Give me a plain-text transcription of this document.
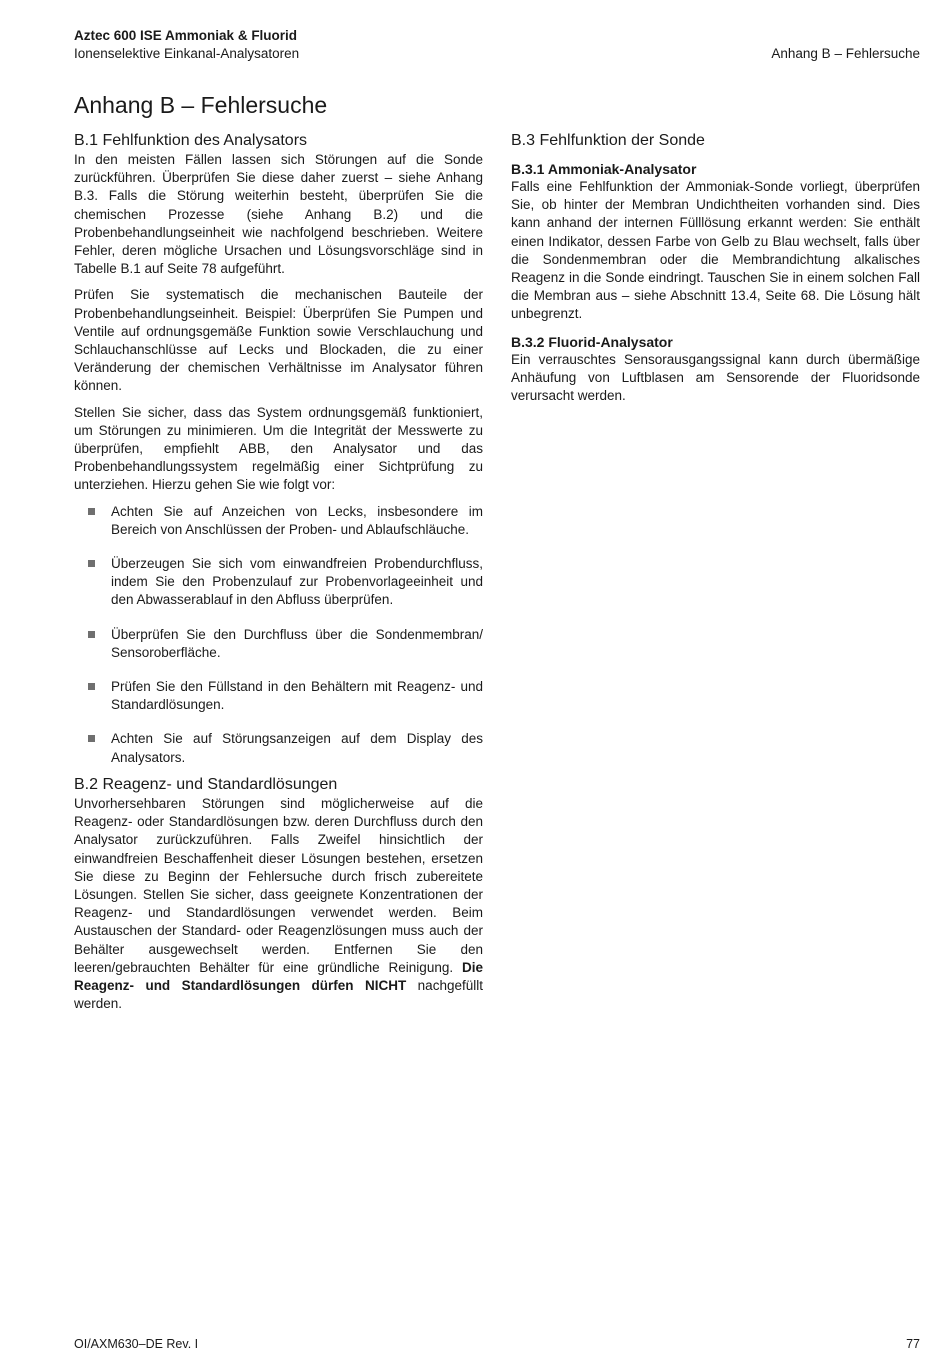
Aztec 600 ISE Ammoniak & Fluorid
Ionenselektive Einkanal-Analysatoren	Anhang B – Fehlersuche
Anhang B – Fehlersuche
B.1 Fehlfunktion des Analysators

In den meisten Fällen lassen sich Störungen auf die Sonde zurückführen. Überprüfen Sie diese daher zuerst – siehe Anhang B.3. Falls die Störung weiterhin besteht, überprüfen Sie die chemischen Prozesse (siehe Anhang B.2) und die Probenbehandlungseinheit wie nachfolgend beschrieben. Weitere Fehler, deren mögliche Ursachen und Lösungsvorschläge sind in Tabelle B.1 auf Seite 78 aufgeführt.

Prüfen Sie systematisch die mechanischen Bauteile der Probenbehandlungseinheit. Beispiel: Überprüfen Sie Pumpen und Ventile auf ordnungsgemäße Funktion sowie Verschlauchung und Schlauchanschlüsse auf Lecks und Blockaden, die zu einer Veränderung der chemischen Verhältnisse im Analysator führen können.

Stellen Sie sicher, dass das System ordnungsgemäß funktioniert, um Störungen zu minimieren. Um die Integrität der Messwerte zu überprüfen, empfiehlt ABB, den Analysator und das Probenbehandlungssystem regelmäßig einer Sichtprüfung zu unterziehen. Hierzu gehen Sie wie folgt vor:

Achten Sie auf Anzeichen von Lecks, insbesondere im Bereich von Anschlüssen der Proben- und Ablaufschläuche.
Überzeugen Sie sich vom einwandfreien Probendurchfluss, indem Sie den Probenzulauf zur Probenvorlageeinheit und den Abwasserablauf in den Abfluss überprüfen.
Überprüfen Sie den Durchfluss über die Sondenmembran/ Sensoroberfläche.
Prüfen Sie den Füllstand in den Behältern mit Reagenz- und Standardlösungen.
Achten Sie auf Störungsanzeigen auf dem Display des Analysators.
B.2 Reagenz- und Standardlösungen

Unvorhersehbaren Störungen sind möglicherweise auf die Reagenz- oder Standardlösungen bzw. deren Durchfluss durch den Analysator zurückzuführen. Falls Zweifel hinsichtlich der einwandfreien Beschaffenheit dieser Lösungen bestehen, ersetzen Sie diese zu Beginn der Fehlersuche durch frisch zubereitete Lösungen. Stellen Sie sicher, dass geeignete Konzentrationen der Reagenz- und Standardlösungen verwendet werden. Beim Austauschen der Standard- oder Reagenzlösungen muss auch der Behälter ausgewechselt werden. Entfernen Sie den leeren/gebrauchten Behälter für eine gründliche Reinigung. Die Reagenz- und Standardlösungen dürfen NICHT nachgefüllt werden.

B.3 Fehlfunktion der Sonde
B.3.1 Ammoniak-Analysator

Falls eine Fehlfunktion der Ammoniak-Sonde vorliegt, überprüfen Sie, ob hinter der Membran Undichtheiten vorhanden sind. Dies kann anhand der internen Fülllösung erkannt werden: Sie enthält einen Indikator, dessen Farbe von Gelb zu Blau wechselt, falls über die Sondenmembran oder die Membrandichtung alkalisches Reagenz in die Sonde eindringt. Tauschen Sie in einem solchen Fall die Membran aus – siehe Abschnitt 13.4, Seite 68. Die Lösung hält unbegrenzt.

B.3.2 Fluorid-Analysator

Ein verrauschtes Sensorausgangssignal kann durch übermäßige Anhäufung von Luftblasen am Sensorende der Fluoridsonde verursacht werden.

OI/AXM630–DE Rev. I	77
